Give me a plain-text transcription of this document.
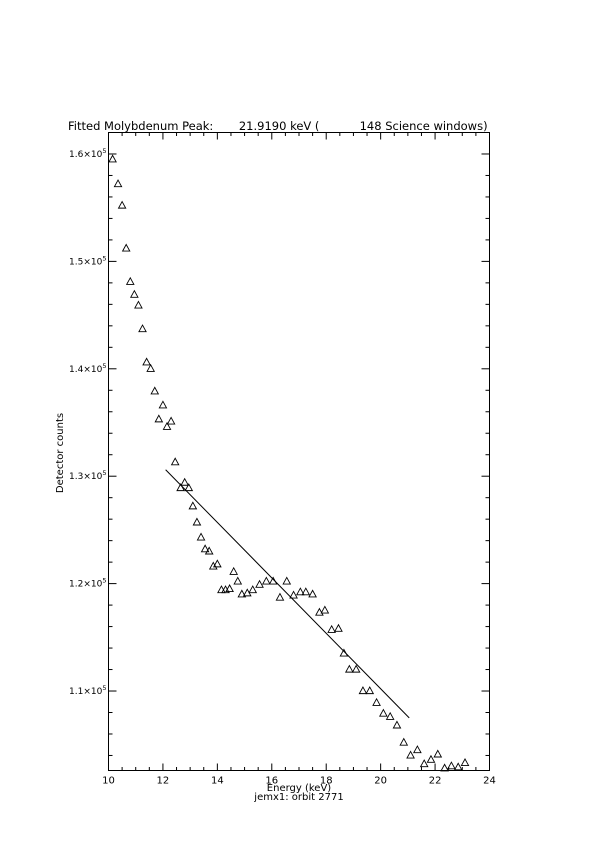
Fitted Molybdenum Peak:       21.9190 keV (           148 Science windows)
10	12	14	16	18	20	22	24
$1.1\times 10^5$
$1.2\times 10^5$
$1.3\times 10^5$
$1.4\times 10^5$
$1.5\times 10^5$
$1.6\times 10^5$
Energy (keV)
jemx1: orbit 2771
Detector counts
